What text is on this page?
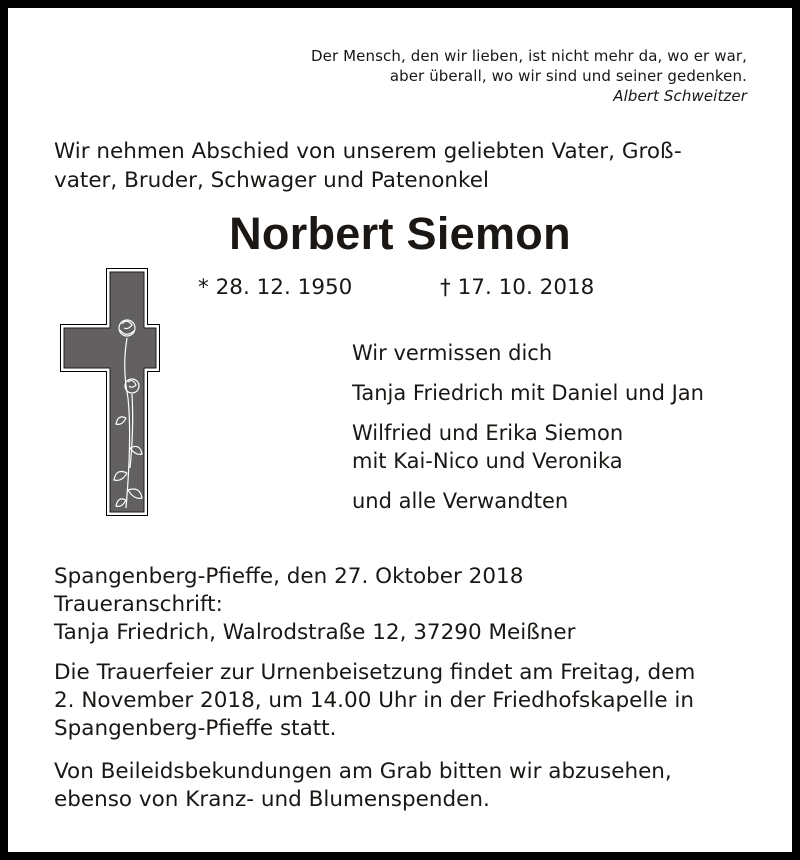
Der Mensch, den wir lieben, ist nicht mehr da, wo er war,
aber überall, wo wir sind und seiner gedenken.
Albert Schweitzer
Wir nehmen Abschied von unserem geliebten Vater, Groß-
vater, Bruder, Schwager und Patenonkel
Norbert Siemon
* 28. 12. 1950	† 17. 10. 2018
Wir vermissen dich
Tanja Friedrich mit Daniel und Jan
Wilfried und Erika Siemon
mit Kai-Nico und Veronika
und alle Verwandten
Spangenberg-Pfieffe, den 27. Oktober 2018
Traueranschrift:
Tanja Friedrich, Walrodstraße 12, 37290 Meißner
Die Trauerfeier zur Urnenbeisetzung findet am Freitag, dem
2. November 2018, um 14.00 Uhr in der Friedhofskapelle in
Spangenberg-Pfieffe statt.
Von Beileidsbekundungen am Grab bitten wir abzusehen,
ebenso von Kranz- und Blumenspenden.
